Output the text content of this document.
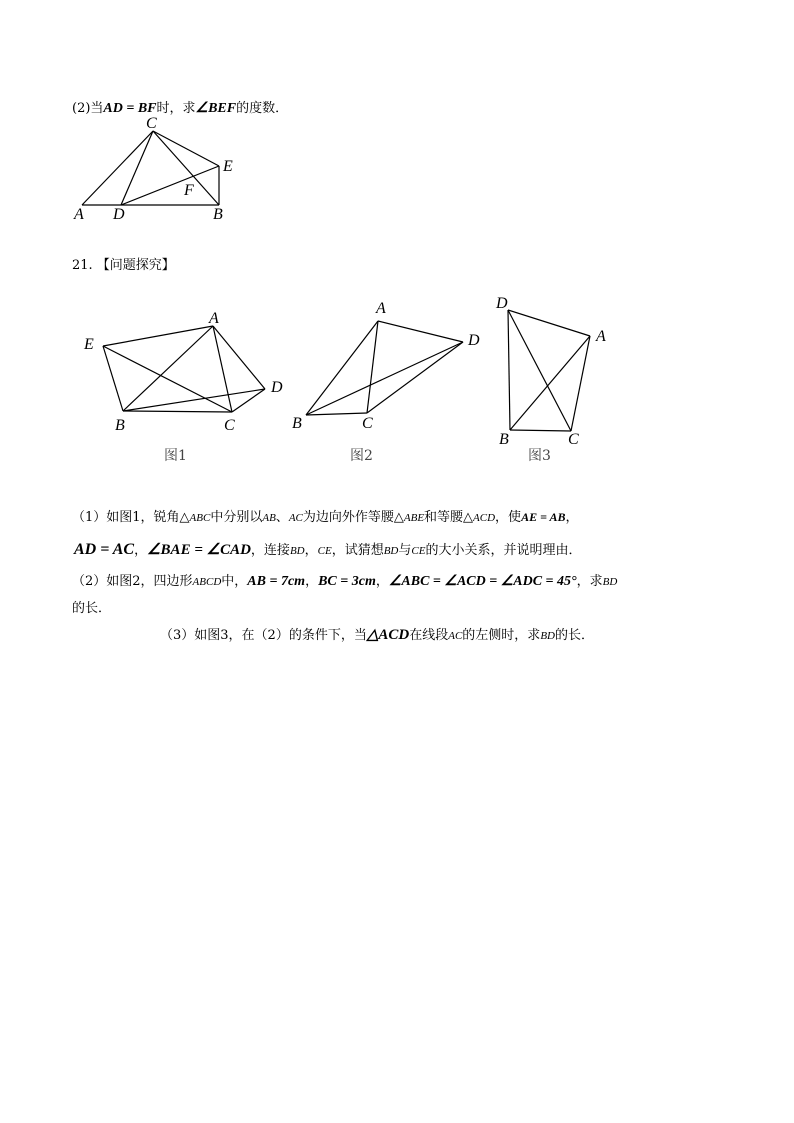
(2)当AD = BF时，求∠BEF的度数．
C
E
F
A D	B
E
A
D
B	C
图1
A
D
B	C
图2
D
A
B	C
图3
21. 【问题探究】
（1）如图1，锐角△ABC中分别以AB、AC为边向外作等腰△ABE和等腰△ACD，使AE = AB，
AD = AC，∠BAE = ∠CAD，连接BD，CE，试猜想BD与CE的大小关系，并说明理由．
（2）如图2，四边形ABCD中，AB = 7cm，BC = 3cm，∠ABC = ∠ACD = ∠ADC = 45°，求BD
的长．
（3）如图3，在（2）的条件下，当△ACD在线段AC的左侧时，求BD的长．
